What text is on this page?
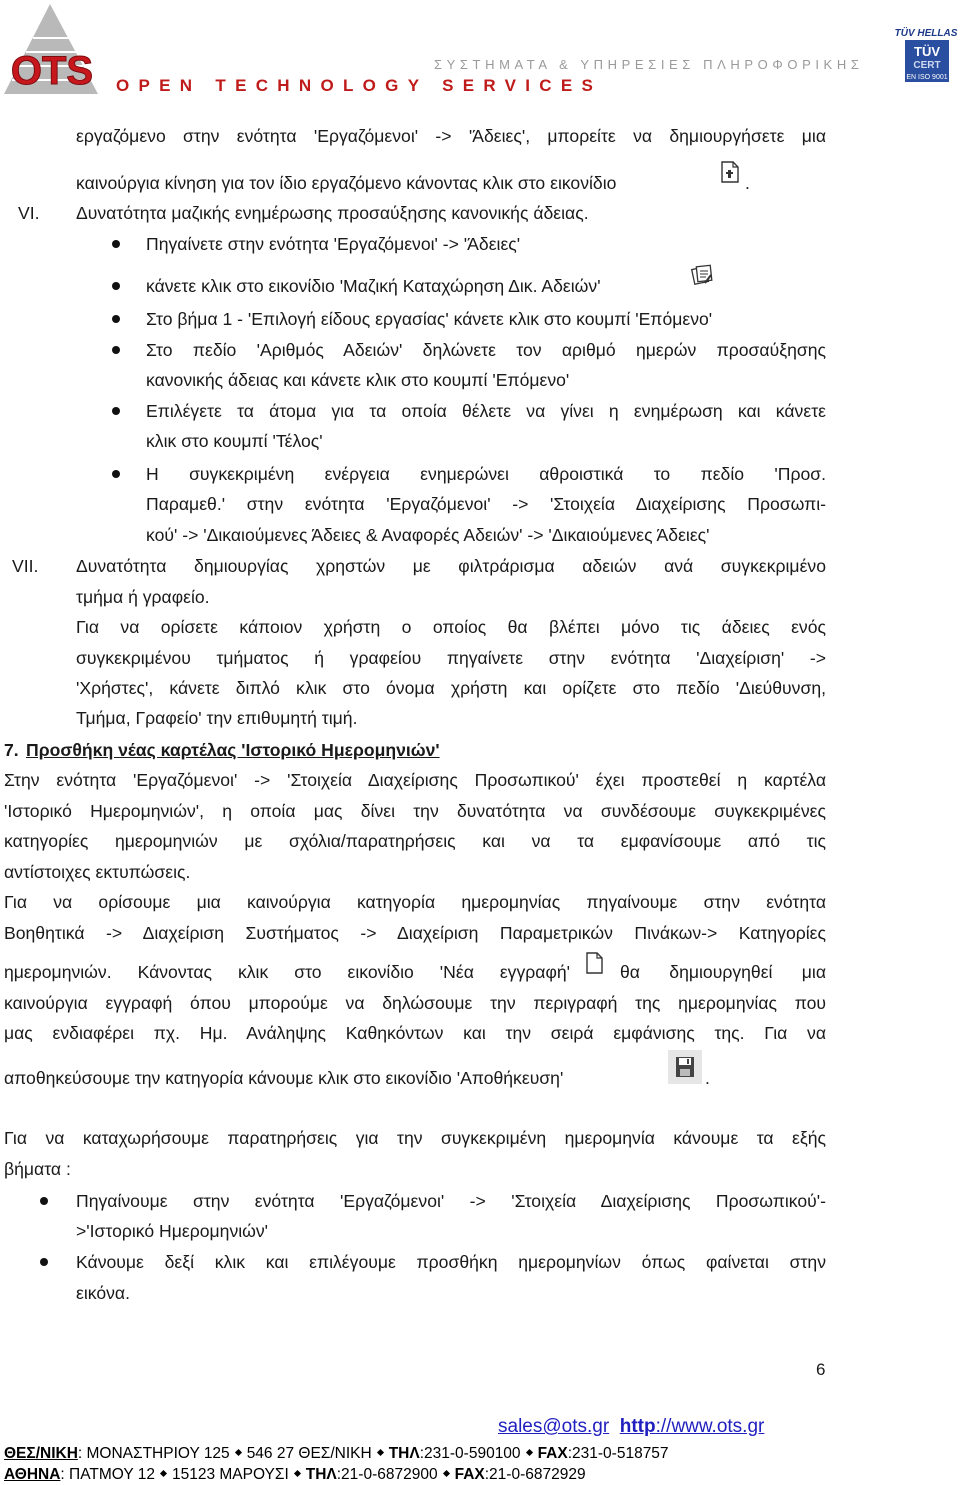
OTS	ΣΥΣΤΗΜΑΤΑ & ΥΠΗΡΕΣΙΕΣ ΠΛΗΡΟΦΟΡΙΚΗΣ
OPEN TECHNOLOGY SERVICES
TÜV HELLAS
TÜV
CERT
EN ISO 9001
εργαζόμενο στην ενότητα 'Εργαζόμενοι' -> 'Άδειες', μπορείτε να δημιουργήσετε μια
καινούργια κίνηση για τον ίδιο εργαζόμενο κάνοντας κλικ στο εικονίδιο	.
VI. Δυνατότητα μαζικής ενημέρωσης προσαύξησης κανονικής άδειας.
Πηγαίνετε στην ενότητα 'Εργαζόμενοι' -> 'Άδειες'
κάνετε κλικ στο εικονίδιο 'Μαζική Καταχώρηση Δικ. Αδειών'
Στο βήμα 1 - 'Επιλογή είδους εργασίας' κάνετε κλικ στο κουμπί 'Επόμενο'
Στο πεδίο 'Αριθμός Αδειών' δηλώνετε τον αριθμό ημερών προσαύξησης
κανονικής άδειας και κάνετε κλικ στο κουμπί 'Επόμενο'
Επιλέγετε τα άτομα για τα οποία θέλετε να γίνει η ενημέρωση και κάνετε
κλικ στο κουμπί 'Τέλος'
Η συγκεκριμένη ενέργεια ενημερώνει αθροιστικά το πεδίο 'Προσ.
Παραμεθ.' στην ενότητα 'Εργαζόμενοι' -> 'Στοιχεία Διαχείρισης Προσωπι-
κού' -> 'Δικαιούμενες Άδειες & Αναφορές Αδειών' -> 'Δικαιούμενες Άδειες'
VII. Δυνατότητα δημιουργίας χρηστών με φιλτράρισμα αδειών ανά συγκεκριμένο
τμήμα ή γραφείο.
Για να ορίσετε κάποιον χρήστη ο οποίος θα βλέπει μόνο τις άδειες ενός
συγκεκριμένου τμήματος ή γραφείου πηγαίνετε στην ενότητα 'Διαχείριση' ->
'Χρήστες', κάνετε διπλό κλικ στο όνομα χρήστη και ορίζετε στο πεδίο 'Διεύθυνση,
Τμήμα, Γραφείο' την επιθυμητή τιμή.
7. Προσθήκη νέας καρτέλας 'Ιστορικό Ημερομηνιών'
Στην ενότητα 'Εργαζόμενοι' -> 'Στοιχεία Διαχείρισης Προσωπικού' έχει προστεθεί η καρτέλα
'Ιστορικό Ημερομηνιών', η οποία μας δίνει την δυνατότητα να συνδέσουμε συγκεκριμένες
κατηγορίες ημερομηνιών με σχόλια/παρατηρήσεις και να τα εμφανίσουμε από τις
αντίστοιχες εκτυπώσεις.
Για να ορίσουμε μια καινούργια κατηγορία ημερομηνίας πηγαίνουμε στην ενότητα
Βοηθητικά -> Διαχείριση Συστήματος -> Διαχείριση Παραμετρικών Πινάκων-> Κατηγορίες
ημερομηνιών. Κάνοντας κλικ στο εικονίδιο 'Νέα εγγραφή'	θα δημιουργηθεί μια
καινούργια εγγραφή όπου μπορούμε να δηλώσουμε την περιγραφή της ημερομηνίας που
μας ενδιαφέρει πχ. Ημ. Ανάληψης Καθηκόντων και την σειρά εμφάνισης της. Για να
αποθηκεύσουμε την κατηγορία κάνουμε κλικ στο εικονίδιο 'Αποθήκευση'	.
Για να καταχωρήσουμε παρατηρήσεις για την συγκεκριμένη ημερομηνία κάνουμε τα εξής
βήματα :
Πηγαίνουμε στην ενότητα 'Εργαζόμενοι' -> 'Στοιχεία Διαχείρισης Προσωπικού'-
>'Ιστορικό Ημερομηνιών'
Κάνουμε δεξί κλικ και επιλέγουμε προσθήκη ημερομηνίων όπως φαίνεται στην
εικόνα.
6
sales@ots.gr http://www.ots.gr
ΘΕΣ/ΝΙΚΗ: ΜΟΝΑΣΤΗΡΙΟΥ 125 546 27 ΘΕΣ/ΝΙΚΗ ΤΗΛ:231-0-590100 FAX:231-0-518757
ΑΘΗΝΑ: ΠΑΤΜΟΥ 12 15123 ΜΑΡΟΥΣΙ ΤΗΛ:21-0-6872900 FAX:21-0-6872929
